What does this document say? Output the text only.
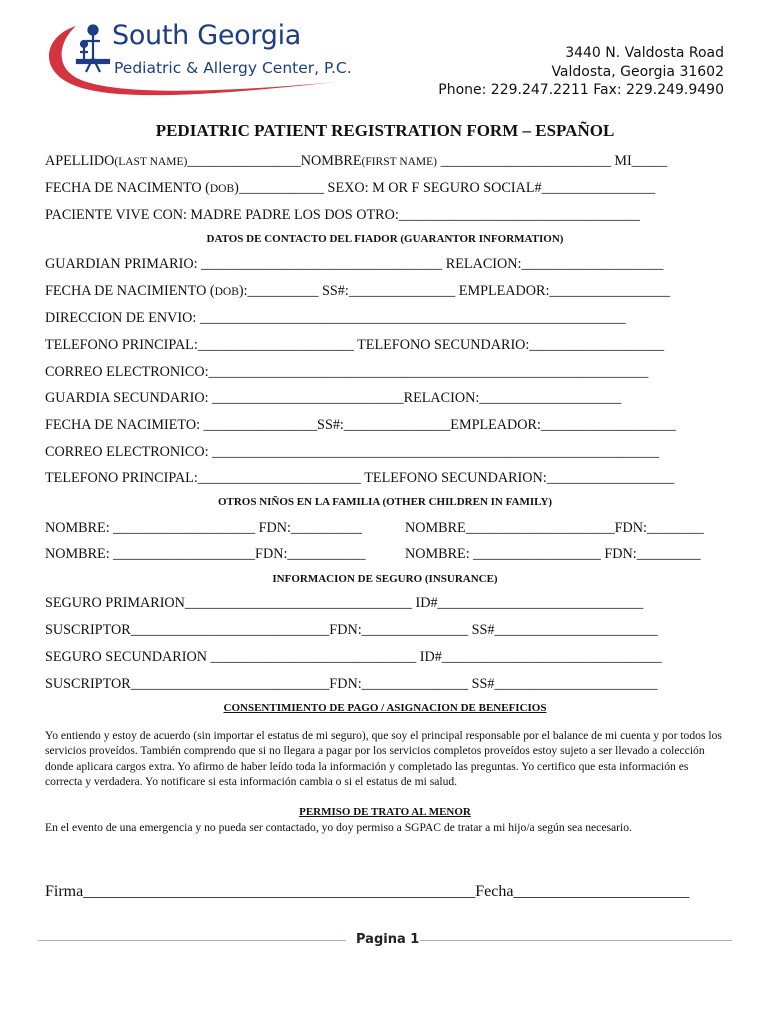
South Georgia
Pediatric & Allergy Center, P.C.
3440 N. Valdosta Road
Valdosta, Georgia 31602
Phone: 229.247.2211 Fax: 229.249.9490
PEDIATRIC PATIENT REGISTRATION FORM – ESPAÑOL
APELLIDO(LAST NAME)________________NOMBRE(FIRST NAME) ________________________ MI_____
FECHA DE NACIMENTO (DOB)____________ SEXO: M OR F SEGURO SOCIAL#________________
PACIENTE VIVE CON: MADRE PADRE LOS DOS OTRO:__________________________________
DATOS DE CONTACTO DEL FIADOR (GUARANTOR INFORMATION)
GUARDIAN PRIMARIO: __________________________________ RELACION:____________________
FECHA DE NACIMIENTO (DOB):__________ SS#:_______________ EMPLEADOR:_________________
DIRECCION DE ENVIO: ____________________________________________________________
TELEFONO PRINCIPAL:______________________ TELEFONO SECUNDARIO:___________________
CORREO ELECTRONICO:______________________________________________________________
GUARDIA SECUNDARIO: ___________________________RELACION:____________________
FECHA DE NACIMIETO: ________________SS#:_______________EMPLEADOR:___________________
CORREO ELECTRONICO: _______________________________________________________________
TELEFONO PRINCIPAL:_______________________ TELEFONO SECUNDARION:__________________
OTROS NIÑOS EN LA FAMILIA (OTHER CHILDREN IN FAMILY)
NOMBRE: ____________________ FDN:__________	NOMBRE_____________________FDN:________
NOMBRE: ____________________FDN:___________	NOMBRE: __________________ FDN:_________
INFORMACION DE SEGURO (INSURANCE)
SEGURO PRIMARION________________________________ ID#_____________________________
SUSCRIPTOR____________________________FDN:_______________ SS#_______________________
SEGURO SECUNDARION _____________________________ ID#_______________________________
SUSCRIPTOR____________________________FDN:_______________ SS#_______________________
CONSENTIMIENTO DE PAGO / ASIGNACION DE BENEFICIOS
Yo entiendo y estoy de acuerdo (sin importar el estatus de mi seguro), que soy el principal responsable por el balance de mi cuenta y por todos los servicios proveídos. También comprendo que si no llegara a pagar por los servicios completos proveídos estoy sujeto a ser llevado a colección donde aplicara cargos extra. Yo afirmo de haber leído toda la información y completado las preguntas. Yo certifico que esta información es correcta y verdadera. Yo notificare si esta información cambia o si el estatus de mi salud.
PERMISO DE TRATO AL MENOR
En el evento de una emergencia y no pueda ser contactado, yo doy permiso a SGPAC de tratar a mi hijo/a según sea necesario.
Firma_________________________________________________Fecha______________________
Pagina 1
